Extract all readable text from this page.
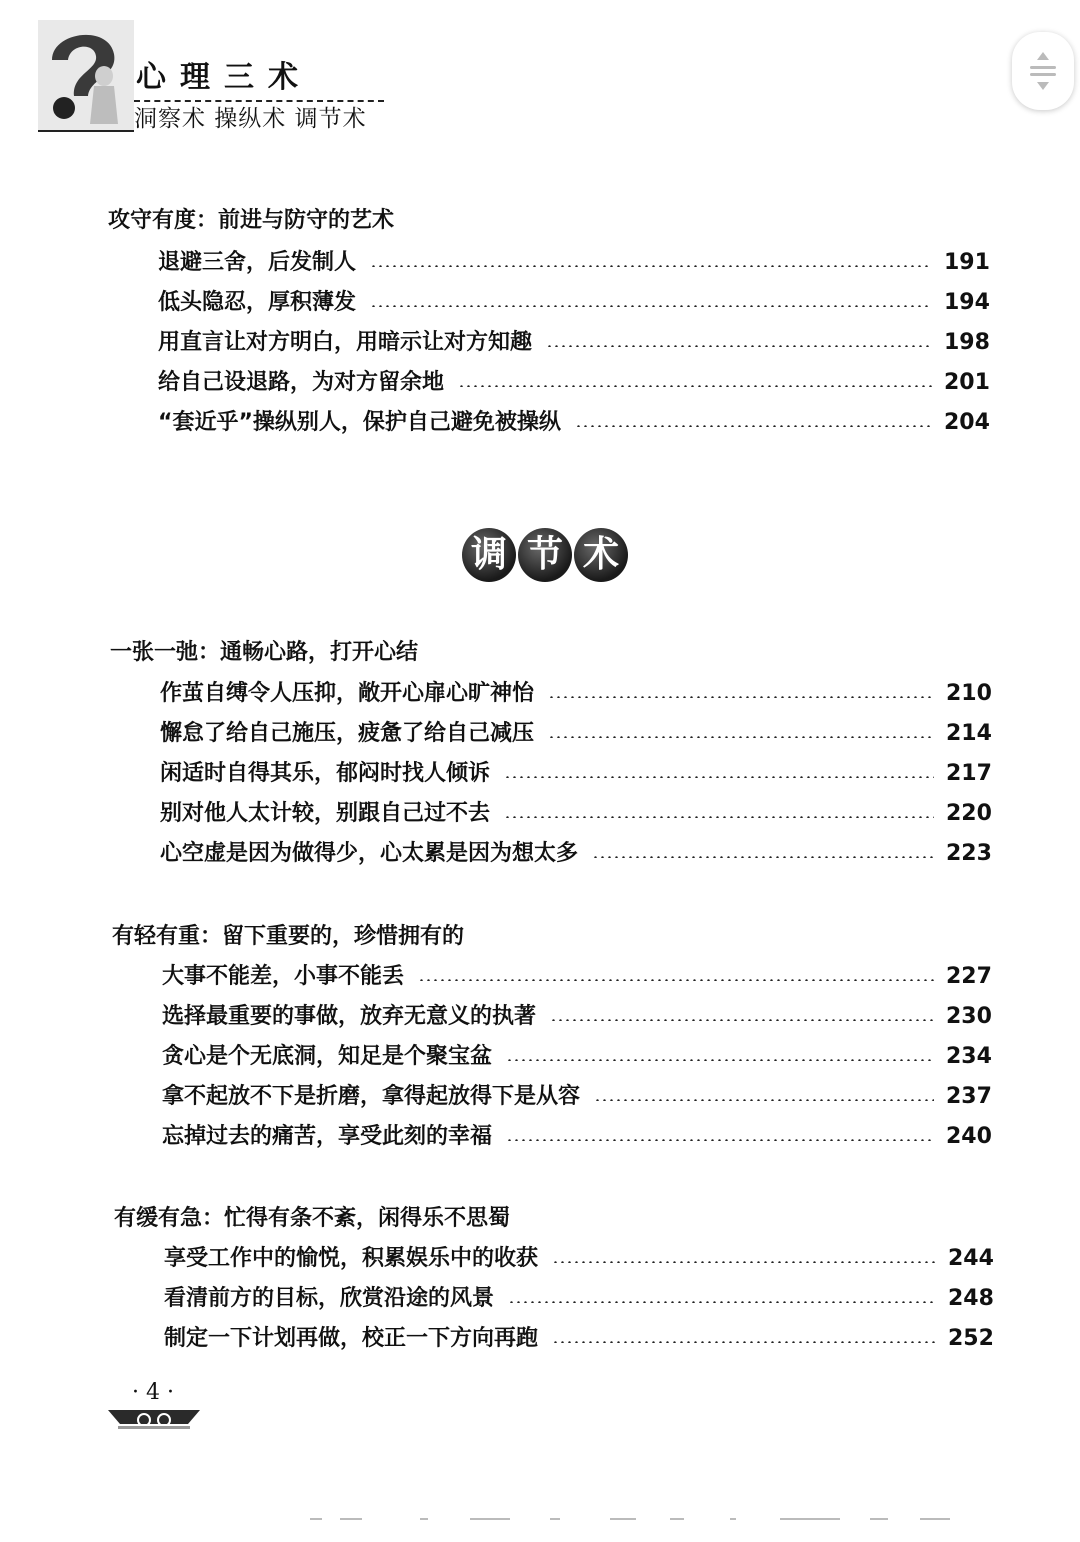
心理三术
洞察术 操纵术 调节术
攻守有度：前进与防守的艺术
退避三舍，后发制人	191
低头隐忍，厚积薄发	194
用直言让对方明白，用暗示让对方知趣	198
给自己设退路，为对方留余地	201
“套近乎”操纵别人，保护自己避免被操纵	204
调 节 术
一张一弛：通畅心路，打开心结
作茧自缚令人压抑，敞开心扉心旷神怡	210
懈怠了给自己施压，疲惫了给自己减压	214
闲适时自得其乐，郁闷时找人倾诉	217
别对他人太计较，别跟自己过不去	220
心空虚是因为做得少，心太累是因为想太多	223
有轻有重：留下重要的，珍惜拥有的
大事不能差，小事不能丢	227
选择最重要的事做，放弃无意义的执著	230
贪心是个无底洞，知足是个聚宝盆	234
拿不起放不下是折磨，拿得起放得下是从容	237
忘掉过去的痛苦，享受此刻的幸福	240
有缓有急：忙得有条不紊，闲得乐不思蜀
享受工作中的愉悦，积累娱乐中的收获	244
看清前方的目标，欣赏沿途的风景	248
制定一下计划再做，校正一下方向再跑	252
· 4 ·
